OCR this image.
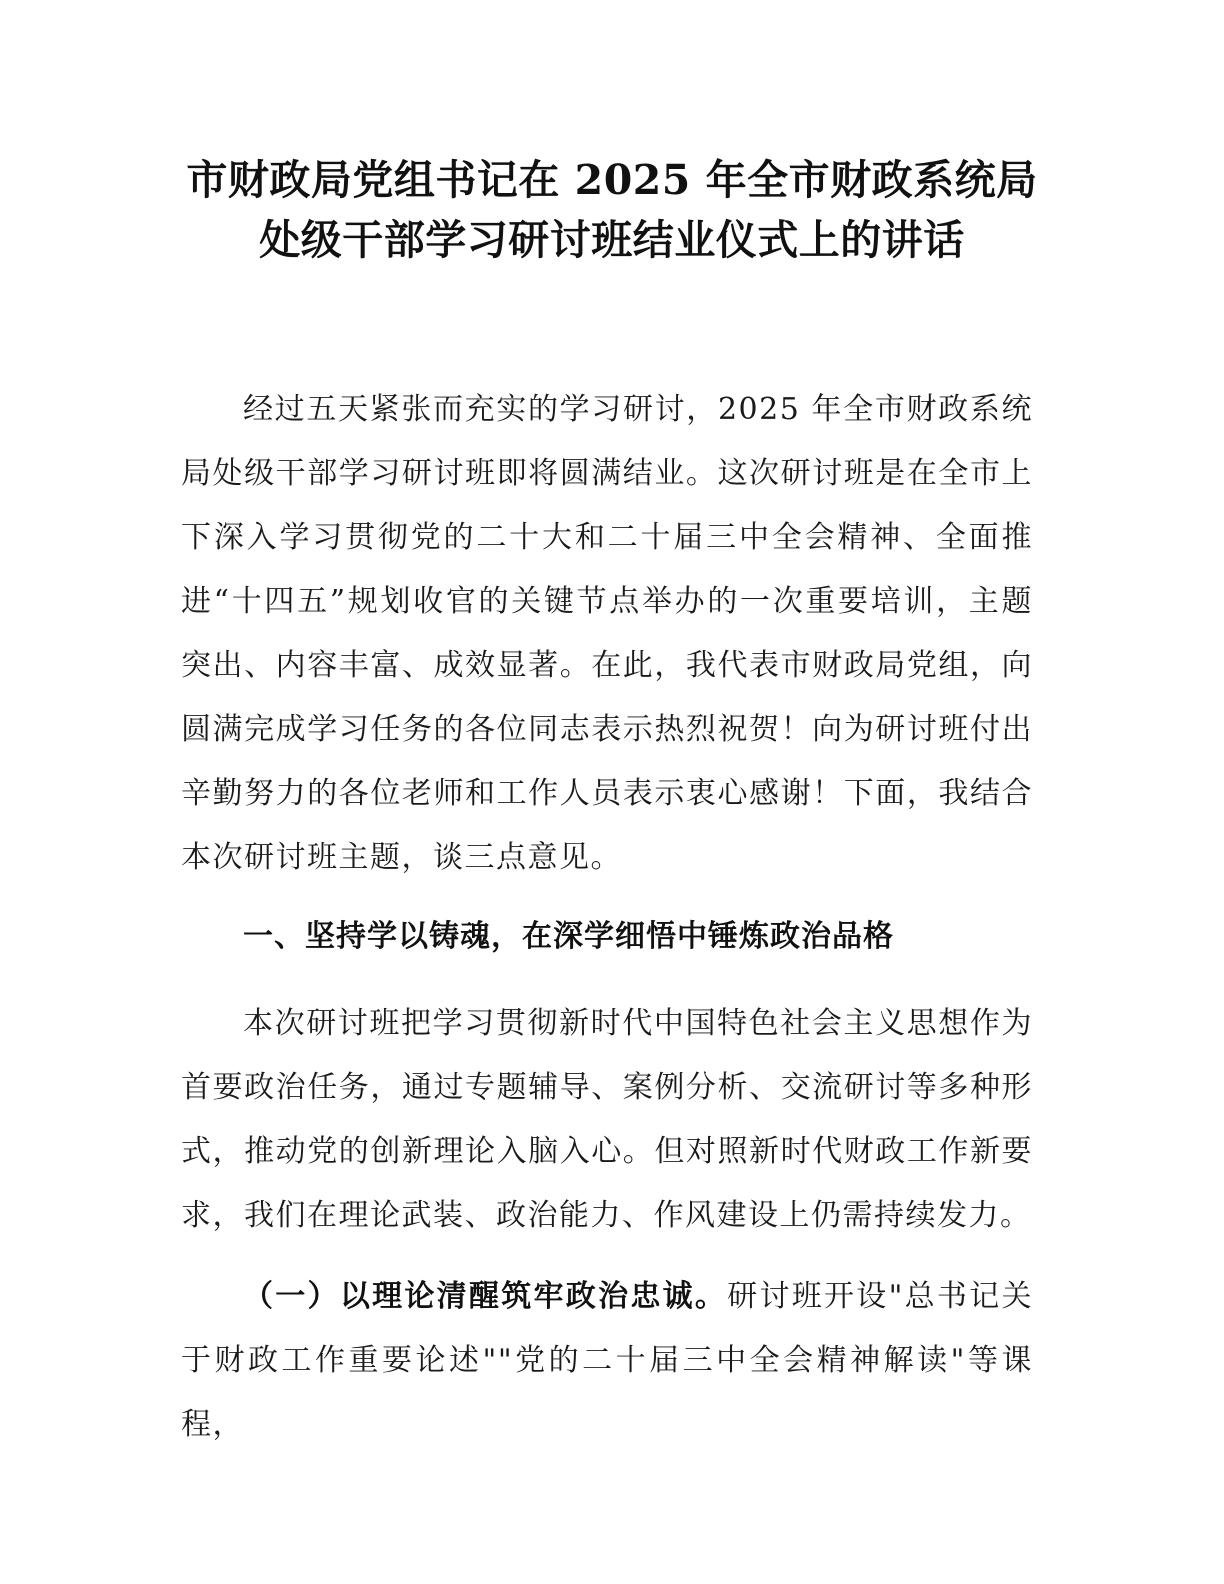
市财政局党组书记在 2025 年全市财政系统局
处级干部学习研讨班结业仪式上的讲话

经过五天紧张而充实的学习研讨，2025 年全市财政系统局处级干部学习研讨班即将圆满结业。这次研讨班是在全市上下深入学习贯彻党的二十大和二十届三中全会精神、全面推进“十四五”规划收官的关键节点举办的一次重要培训，主题突出、内容丰富、成效显著。在此，我代表市财政局党组，向圆满完成学习任务的各位同志表示热烈祝贺！向为研讨班付出辛勤努力的各位老师和工作人员表示衷心感谢！下面，我结合本次研讨班主题，谈三点意见。

一、坚持学以铸魂，在深学细悟中锤炼政治品格

本次研讨班把学习贯彻新时代中国特色社会主义思想作为首要政治任务，通过专题辅导、案例分析、交流研讨等多种形式，推动党的创新理论入脑入心。但对照新时代财政工作新要求，我们在理论武装、政治能力、作风建设上仍需持续发力。

（一）以理论清醒筑牢政治忠诚。研讨班开设"总书记关于财政工作重要论述""党的二十届三中全会精神解读"等课程，
